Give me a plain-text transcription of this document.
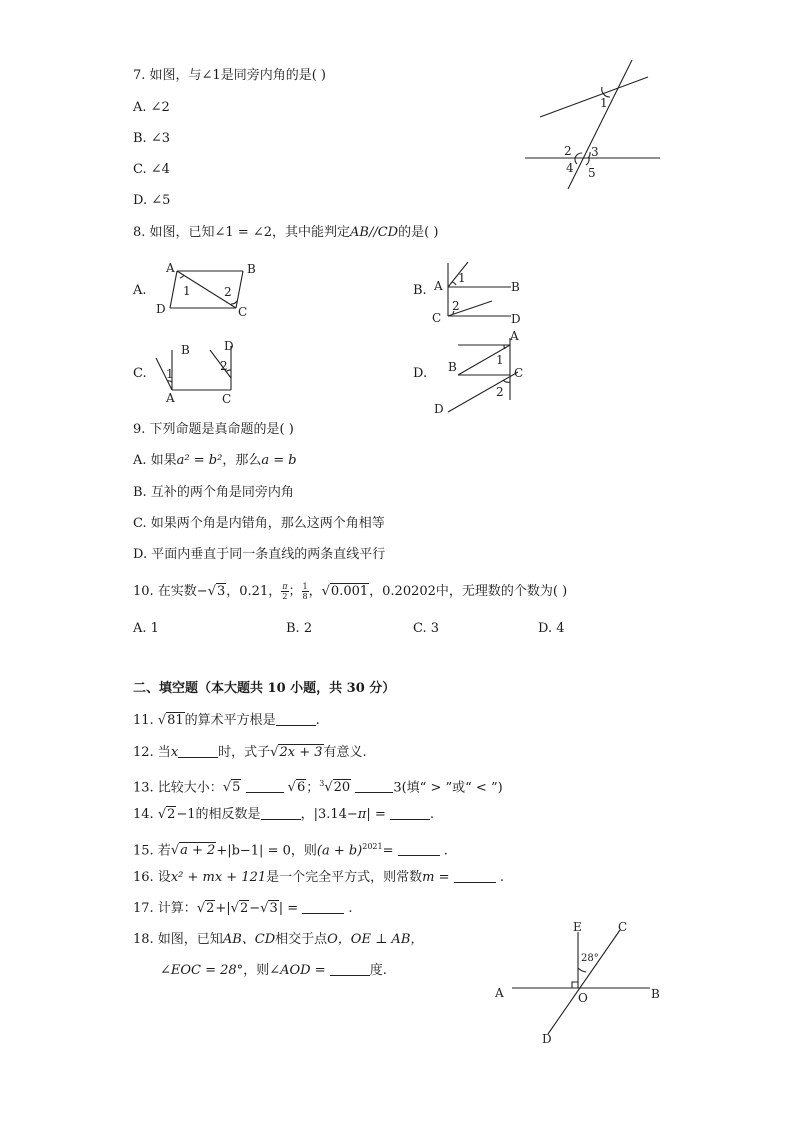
7. 如图，与∠1是同旁内角的是( )
A. ∠2
B. ∠3
C. ∠4
D. ∠5
1
2 3
4 5
8. 如图，已知∠1 = ∠2，其中能判定AB//CD的是( )
A.
A	B
C
D
1	2	B. A	B
C	D
1
2
C.
A
B
C
D
1
2	D.
A
B	C
D
1
2
9. 下列命题是真命题的是( )
A. 如果a² = b²，那么a = b
B. 互补的两个角是同旁内角
C. 如果两个角是内错角，那么这两个角相等
D. 平面内垂直于同一条直线的两条直线平行
10. 在实数−√3，0.21， $\frac{\pi}{2}$ ； $\frac{1}{8}$ ，√0.001，0.20202中，无理数的个数为( )
A. 1	B. 2	C. 3	D. 4
二、填空题（本大题共 10 小题，共 30 分）
11. √81的算术平方根是	.
12. 当x	时，式子√2x + 3有意义.
13. 比较大小：√5	√6；$^3$√20	3(填“ > ”或“ < ”)
14. √2−1的相反数是	，|3.14−π| =	.
15. 若√a + 2+|b−1| = 0，则$(a + b)^{2021}=$	.
16. 设x² + mx + 121是一个完全平方式，则常数m =	.
17. 计算：√2+|√2−√3| =	.
18. 如图，已知AB、CD相交于点O，OE ⊥ AB，
∠EOC = 28°，则∠AOD =	度.
E	C
28°
A	O	B
D
